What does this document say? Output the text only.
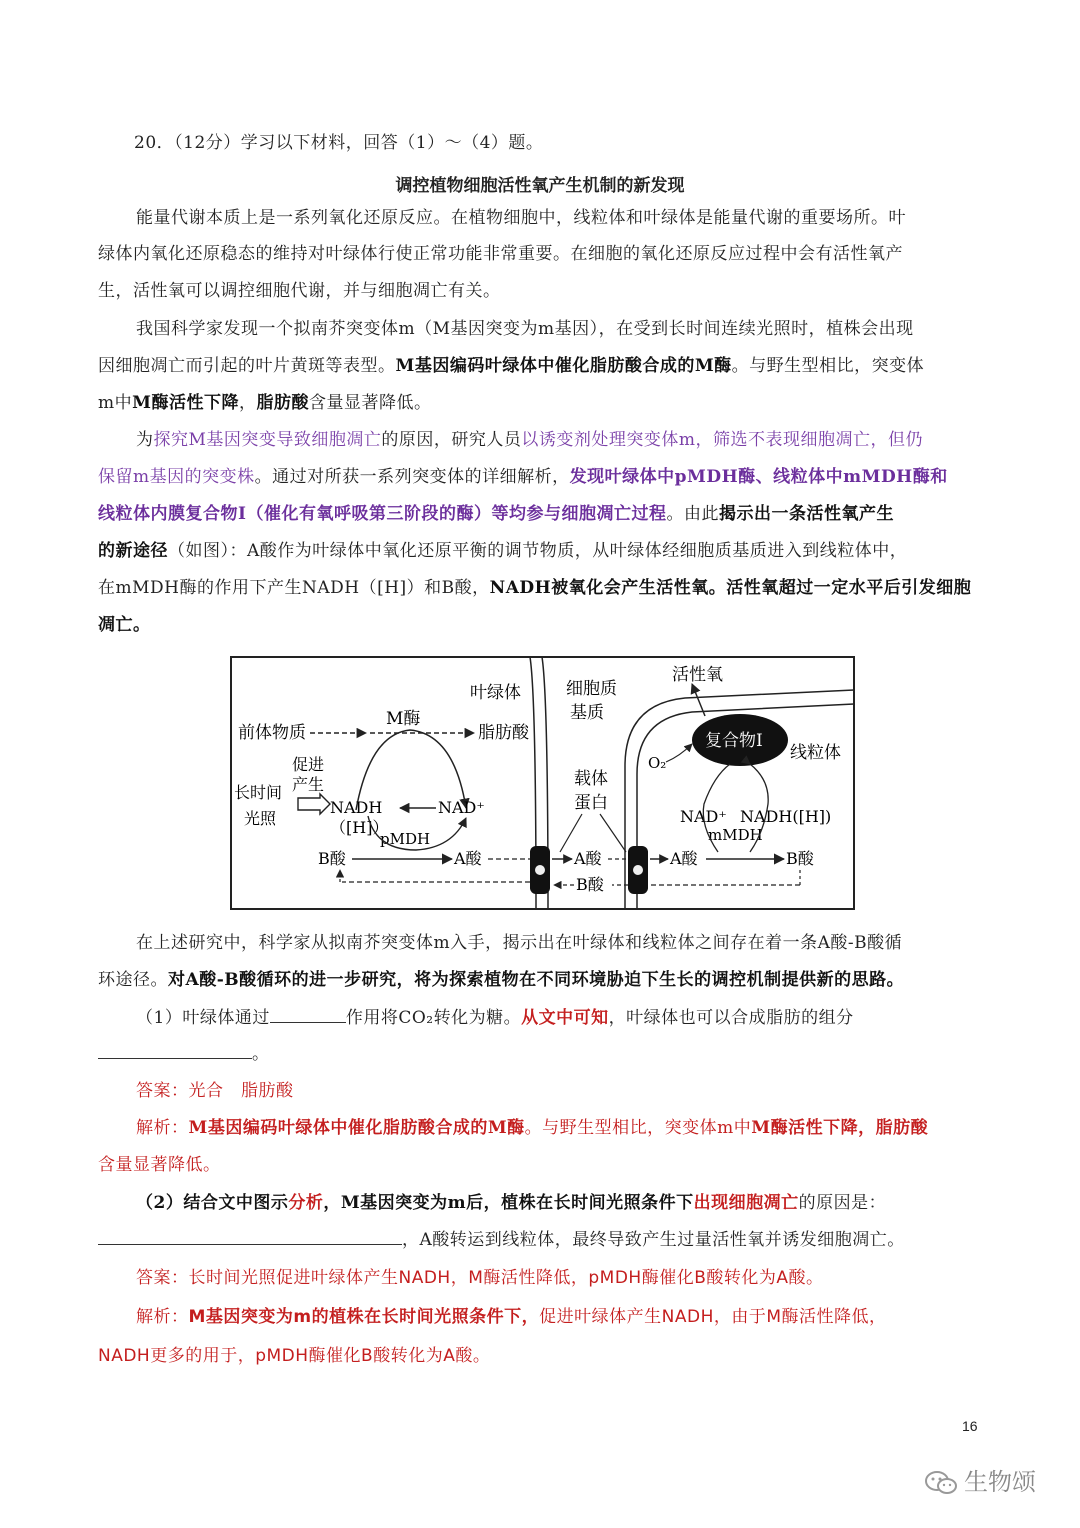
20．（12分）学习以下材料，回答（1）～（4）题。
调控植物细胞活性氧产生机制的新发现
能量代谢本质上是一系列氧化还原反应。在植物细胞中，线粒体和叶绿体是能量代谢的重要场所。叶
绿体内氧化还原稳态的维持对叶绿体行使正常功能非常重要。在细胞的氧化还原反应过程中会有活性氧产
生，活性氧可以调控细胞代谢，并与细胞凋亡有关。
我国科学家发现一个拟南芥突变体m（M基因突变为m基因），在受到长时间连续光照时，植株会出现
因细胞凋亡而引起的叶片黄斑等表型。M基因编码叶绿体中催化脂肪酸合成的M酶。与野生型相比，突变体
m中M酶活性下降，脂肪酸含量显著降低。
为探究M基因突变导致细胞凋亡的原因，研究人员以诱变剂处理突变体m，筛选不表现细胞凋亡，但仍
保留m基因的突变株。通过对所获一系列突变体的详细解析，发现叶绿体中pMDH酶、线粒体中mMDH酶和
线粒体内膜复合物Ⅰ（催化有氧呼吸第三阶段的酶）等均参与细胞凋亡过程。由此揭示出一条活性氧产生
的新途径（如图）：A酸作为叶绿体中氧化还原平衡的调节物质，从叶绿体经细胞质基质进入到线粒体中，
在mMDH酶的作用下产生NADH（[H]）和B酸，NADH被氧化会产生活性氧。活性氧超过一定水平后引发细胞
凋亡。
叶绿体	细胞质
基质
活性氧
线粒体
复合物Ⅰ
O₂
前体物质
M酶
脂肪酸
促进
产生
长时间
光照
NADH	NAD⁺
（[H]）
pMDH
B酸	A酸
载体
蛋白
A酸
B酸
A酸	B酸
NAD⁺ NADH([H])
mMDH
在上述研究中，科学家从拟南芥突变体m入手，揭示出在叶绿体和线粒体之间存在着一条A酸-B酸循
环途径。对A酸-B酸循环的进一步研究，将为探索植物在不同环境胁迫下生长的调控机制提供新的思路。
（1）叶绿体通过	作用将CO₂转化为糖。从文中可知，叶绿体也可以合成脂肪的组分
。
答案：光合　脂肪酸
解析：M基因编码叶绿体中催化脂肪酸合成的M酶。与野生型相比，突变体m中M酶活性下降，脂肪酸
含量显著降低。
（2）结合文中图示分析，M基因突变为m后，植株在长时间光照条件下出现细胞凋亡的原因是：
，A酸转运到线粒体，最终导致产生过量活性氧并诱发细胞凋亡。
答案：长时间光照促进叶绿体产生NADH，M酶活性降低，pMDH酶催化B酸转化为A酸。
解析：M基因突变为m的植株在长时间光照条件下，促进叶绿体产生NADH，由于M酶活性降低，
NADH更多的用于，pMDH酶催化B酸转化为A酸。
16
生物颂
